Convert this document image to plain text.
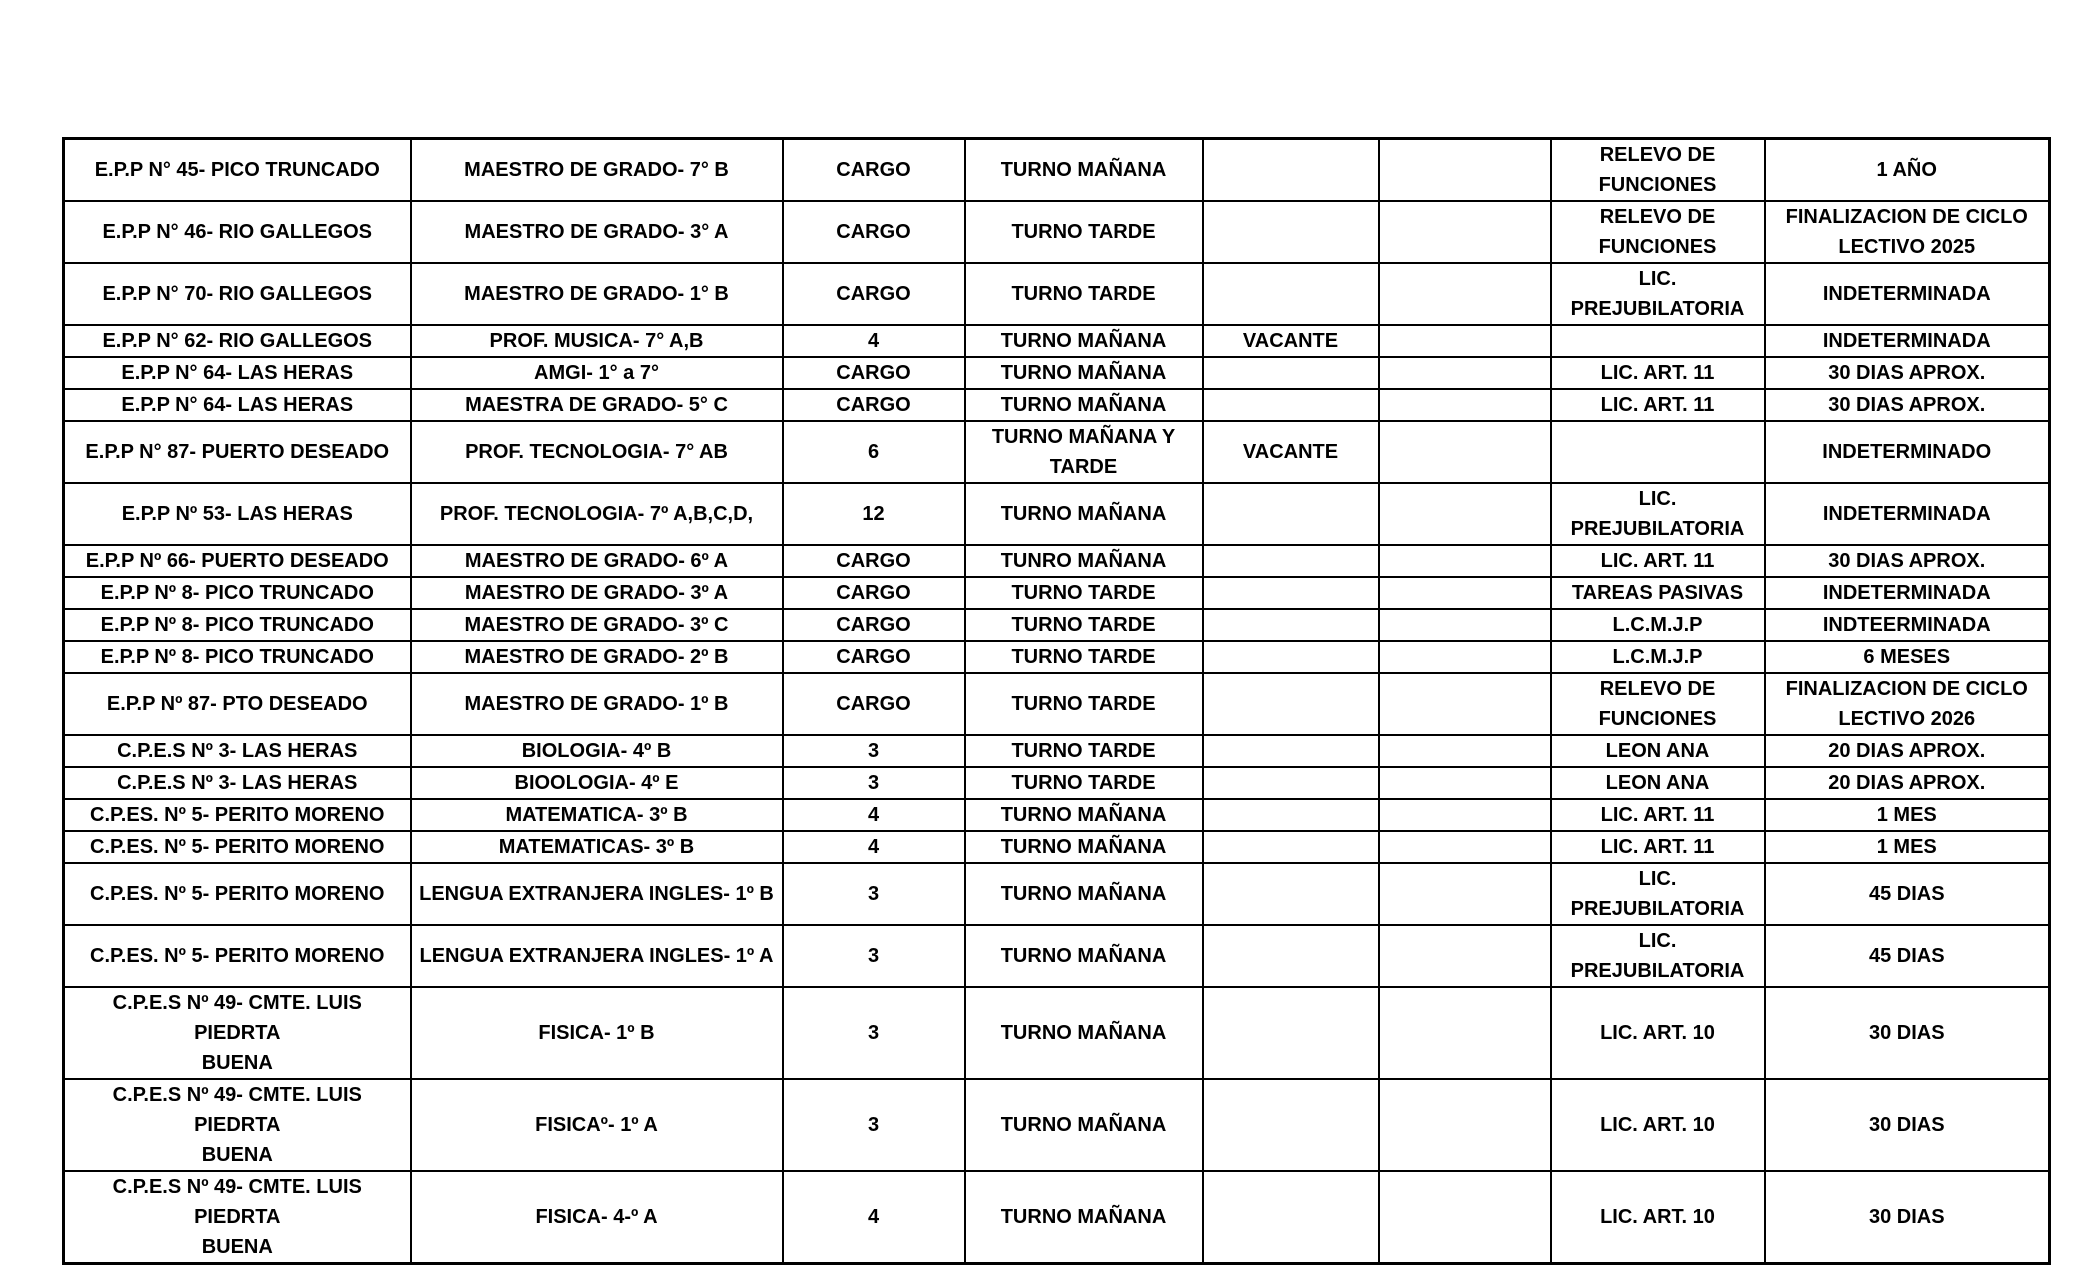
E.P.P N° 45- PICO TRUNCADO	MAESTRO DE GRADO- 7° B	CARGO	TURNO MAÑANA			RELEVO DE
FUNCIONES	1 AÑO
E.P.P N° 46- RIO GALLEGOS	MAESTRO DE GRADO- 3° A	CARGO	TURNO TARDE			RELEVO DE
FUNCIONES	FINALIZACION DE CICLO
LECTIVO 2025
E.P.P N° 70- RIO GALLEGOS	MAESTRO DE GRADO- 1° B	CARGO	TURNO TARDE			LIC. PREJUBILATORIA	INDETERMINADA
E.P.P N° 62- RIO GALLEGOS	PROF. MUSICA- 7° A,B	4	TURNO MAÑANA	VACANTE			INDETERMINADA
E.P.P N° 64- LAS HERAS	AMGI- 1° a 7°	CARGO	TURNO MAÑANA			LIC. ART. 11	30 DIAS APROX.
E.P.P N° 64- LAS HERAS	MAESTRA DE GRADO- 5° C	CARGO	TURNO MAÑANA			LIC. ART. 11	30 DIAS APROX.
E.P.P N° 87- PUERTO DESEADO	PROF. TECNOLOGIA- 7° AB	6	TURNO MAÑANA Y
TARDE	VACANTE			INDETERMINADO
E.P.P Nº 53- LAS HERAS	PROF. TECNOLOGIA- 7º A,B,C,D,	12	TURNO MAÑANA			LIC. PREJUBILATORIA	INDETERMINADA
E.P.P Nº 66- PUERTO DESEADO	MAESTRO DE GRADO- 6º A	CARGO	TUNRO MAÑANA			LIC. ART. 11	30 DIAS APROX.
E.P.P Nº 8- PICO TRUNCADO	MAESTRO DE GRADO- 3º A	CARGO	TURNO TARDE			TAREAS PASIVAS	INDETERMINADA
E.P.P Nº 8- PICO TRUNCADO	MAESTRO DE GRADO- 3º C	CARGO	TURNO TARDE			L.C.M.J.P	INDTEERMINADA
E.P.P Nº 8- PICO TRUNCADO	MAESTRO DE GRADO- 2º B	CARGO	TURNO TARDE			L.C.M.J.P	6 MESES
E.P.P Nº 87- PTO DESEADO	MAESTRO DE GRADO- 1º B	CARGO	TURNO TARDE			RELEVO DE
FUNCIONES	FINALIZACION DE CICLO
LECTIVO 2026
C.P.E.S Nº 3- LAS HERAS	BIOLOGIA- 4º B	3	TURNO TARDE			LEON ANA	20 DIAS APROX.
C.P.E.S Nº 3- LAS HERAS	BIOOLOGIA- 4º E	3	TURNO TARDE			LEON ANA	20 DIAS APROX.
C.P.ES. Nº 5- PERITO MORENO	MATEMATICA- 3º B	4	TURNO MAÑANA			LIC. ART. 11	1 MES
C.P.ES. Nº 5- PERITO MORENO	MATEMATICAS- 3º B	4	TURNO MAÑANA			LIC. ART. 11	1 MES
C.P.ES. Nº 5- PERITO MORENO	LENGUA EXTRANJERA INGLES- 1º B	3	TURNO MAÑANA			LIC. PREJUBILATORIA	45 DIAS
C.P.ES. Nº 5- PERITO MORENO	LENGUA EXTRANJERA INGLES- 1º A	3	TURNO MAÑANA			LIC. PREJUBILATORIA	45 DIAS
C.P.E.S Nº 49- CMTE. LUIS PIEDRTA
BUENA	FISICA- 1º B	3	TURNO MAÑANA			LIC. ART. 10	30 DIAS
C.P.E.S Nº 49- CMTE. LUIS PIEDRTA
BUENA	FISICAº- 1º A	3	TURNO MAÑANA			LIC. ART. 10	30 DIAS
C.P.E.S Nº 49- CMTE. LUIS PIEDRTA
BUENA	FISICA- 4-º A	4	TURNO MAÑANA			LIC. ART. 10	30 DIAS
